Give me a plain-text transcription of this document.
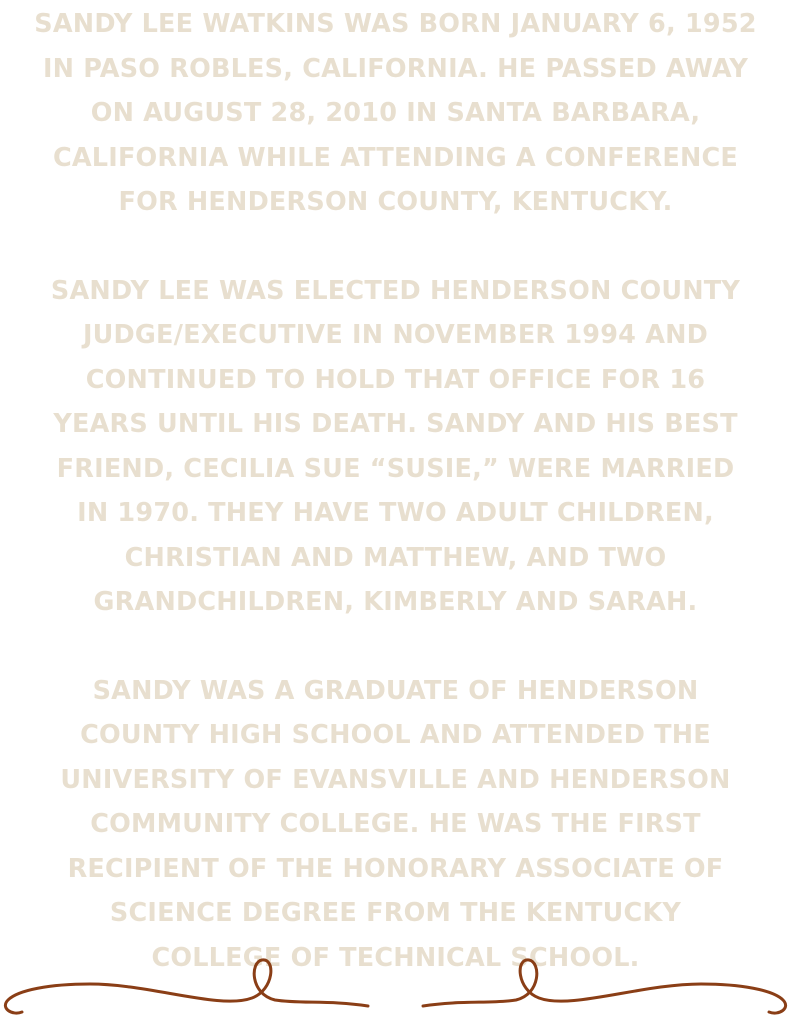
SANDY LEE WATKINS WAS BORN JANUARY 6, 1952
IN PASO ROBLES, CALIFORNIA. HE PASSED AWAY
ON AUGUST 28, 2010 IN SANTA BARBARA,
CALIFORNIA WHILE ATTENDING A CONFERENCE
FOR HENDERSON COUNTY, KENTUCKY.

SANDY LEE WAS ELECTED HENDERSON COUNTY
JUDGE/EXECUTIVE IN NOVEMBER 1994 AND
CONTINUED TO HOLD THAT OFFICE FOR 16
YEARS UNTIL HIS DEATH. SANDY AND HIS BEST
FRIEND, CECILIA SUE “SUSIE,” WERE MARRIED
IN 1970. THEY HAVE TWO ADULT CHILDREN,
CHRISTIAN AND MATTHEW, AND TWO
GRANDCHILDREN, KIMBERLY AND SARAH.

SANDY WAS A GRADUATE OF HENDERSON
COUNTY HIGH SCHOOL AND ATTENDED THE
UNIVERSITY OF EVANSVILLE AND HENDERSON
COMMUNITY COLLEGE. HE WAS THE FIRST
RECIPIENT OF THE HONORARY ASSOCIATE OF
SCIENCE DEGREE FROM THE KENTUCKY
COLLEGE OF TECHNICAL SCHOOL.
